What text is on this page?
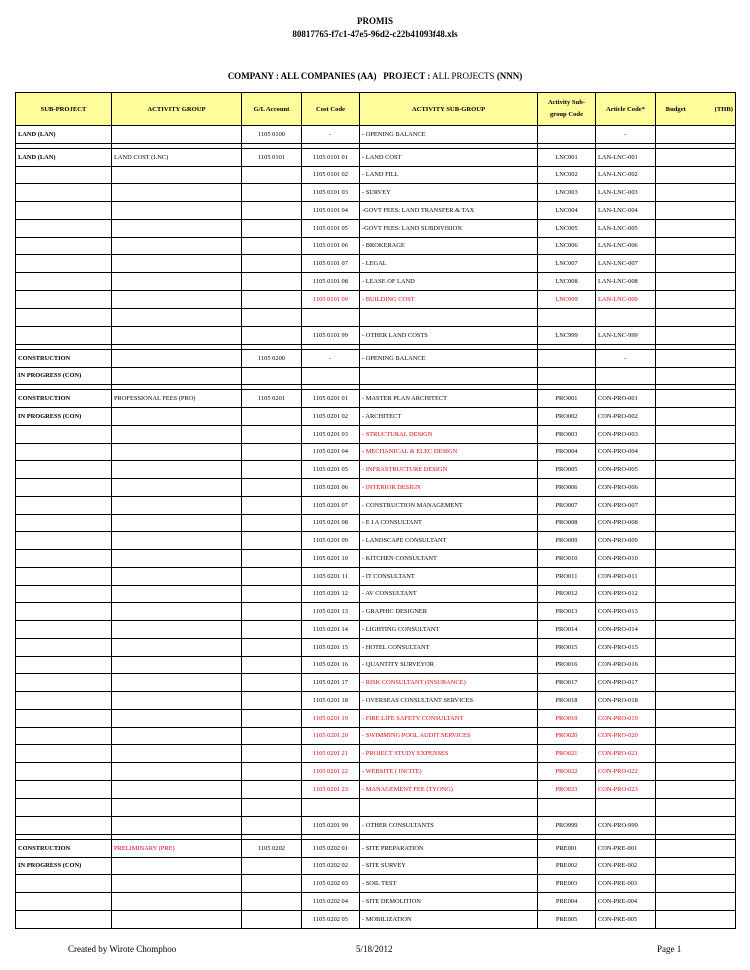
PROMIS
80817765-f7c1-47e5-96d2-c22b41093f48.xls
COMPANY : ALL COMPANIES (AA) PROJECT : ALL PROJECTS (NNN)
SUB-PROJECT	ACTIVITY GROUP	G/L Account	Cost Code	ACTIVITY SUB-GROUP	Activity Sub-group Code	Article Code*	Budget	(THB)
LAND (LAN)		1105 0100	-	- OPENING BALANCE		-		

LAND (LAN)	LAND COST (LNC)	1105 0101	1105 0101 01	- LAND COST	LNC001	LAN-LNC-001		
			1105 0101 02	- LAND FILL	LNC002	LAN-LNC-002		
			1105 0101 03	- SURVEY	LNC003	LAN-LNC-003		
			1105 0101 04	-GOVT FEES: LAND TRANSFER & TAX	LNC004	LAN-LNC-004		
			1105 0101 05	-GOVT FEES: LAND SUBDIVISION	LNC005	LAN-LNC-005		
			1105 0101 06	- BROKERAGE	LNC006	LAN-LNC-006		
			1105 0101 07	- LEGAL	LNC007	LAN-LNC-007		
			1105 0101 08	- LEASE OF LAND	LNC008	LAN-LNC-008		
			1105 0101 09	- BUILDING COST	LNC009	LAN-LNC-009		

			1105 0101 99	- OTHER LAND COSTS	LNC999	LAN-LNC-999		

CONSTRUCTION		1105 0200	-	- OPENING BALANCE		-		
IN PROGRESS (CON)								

CONSTRUCTION	PROFESSIONAL FEES (PRO)	1105 0201	1105 0201 01	- MASTER PLAN ARCHITECT	PRO001	CON-PRO-001		
IN PROGRESS (CON)			1105 0201 02	- ARCHITECT	PRO002	CON-PRO-002		
			1105 0201 03	- STRUCTURAL DESIGN	PRO003	CON-PRO-003		
			1105 0201 04	- MECHANICAL & ELEC DESIGN	PRO004	CON-PRO-004		
			1105 0201 05	- INFRASTRUCTURE DESIGN	PRO005	CON-PRO-005		
			1105 0201 06	- INTERIOR DESIGN	PRO006	CON-PRO-006		
			1105 0201 07	- CONSTRUCTION MANAGEMENT	PRO007	CON-PRO-007		
			1105 0201 08	- E I A CONSULTANT	PRO008	CON-PRO-008		
			1105 0201 09	- LANDSCAPE CONSULTANT	PRO009	CON-PRO-009		
			1105 0201 10	- KITCHEN CONSULTANT	PRO010	CON-PRO-010		
			1105 0201 11	- IT CONSULTANT	PRO011	CON-PRO-011		
			1105 0201 12	- AV CONSULTANT	PRO012	CON-PRO-012		
			1105 0201 13	- GRAPHIC DESIGNER	PRO013	CON-PRO-013		
			1105 0201 14	- LIGHTING CONSULTANT	PRO014	CON-PRO-014		
			1105 0201 15	- HOTEL CONSULTANT	PRO015	CON-PRO-015		
			1105 0201 16	- QUANTITY SURVEYOR	PRO016	CON-PRO-016		
			1105 0201 17	- RISK CONSULTANT (INSURANCE)	PRO017	CON-PRO-017		
			1105 0201 18	- OVERSEAS CONSULTANT SERVICES	PRO018	CON-PRO-018		
			1105 0201 19	- FIRE LIFE SAFETY CONSULTANT	PRO019	CON-PRO-019		
			1105 0201 20	- SWIMMING POOL AUDIT SERVICES	PRO020	CON-PRO-020		
			1105 0201 21	- PROJECT STUDY EXPENSES	PRO021	CON-PRO-021		
			1105 0201 22	- WEBSITE ( INCITE)	PRO022	CON-PRO-022		
			1105 0201 23	- MANAGEMENT FEE (TYONG)	PRO023	CON-PRO-023		

			1105 0201 99	- OTHER CONSULTANTS	PRO999	CON-PRO-999		

CONSTRUCTION	PRELIMINARY (PRE)	1105 0202	1105 0202 01	- SITE PREPARATION	PRE001	CON-PRE-001		
IN PROGRESS (CON)			1105 0202 02	- SITE SURVEY	PRE002	CON-PRE-002		
			1105 0202 03	- SOIL TEST	PRE003	CON-PRE-003		
			1105 0202 04	- SITE DEMOLITION	PRE004	CON-PRE-004		
			1105 0202 05	- MOBILIZATION	PRE005	CON-PRE-005		
Created by Wirote Chomphoo	5/18/2012	Page 1
